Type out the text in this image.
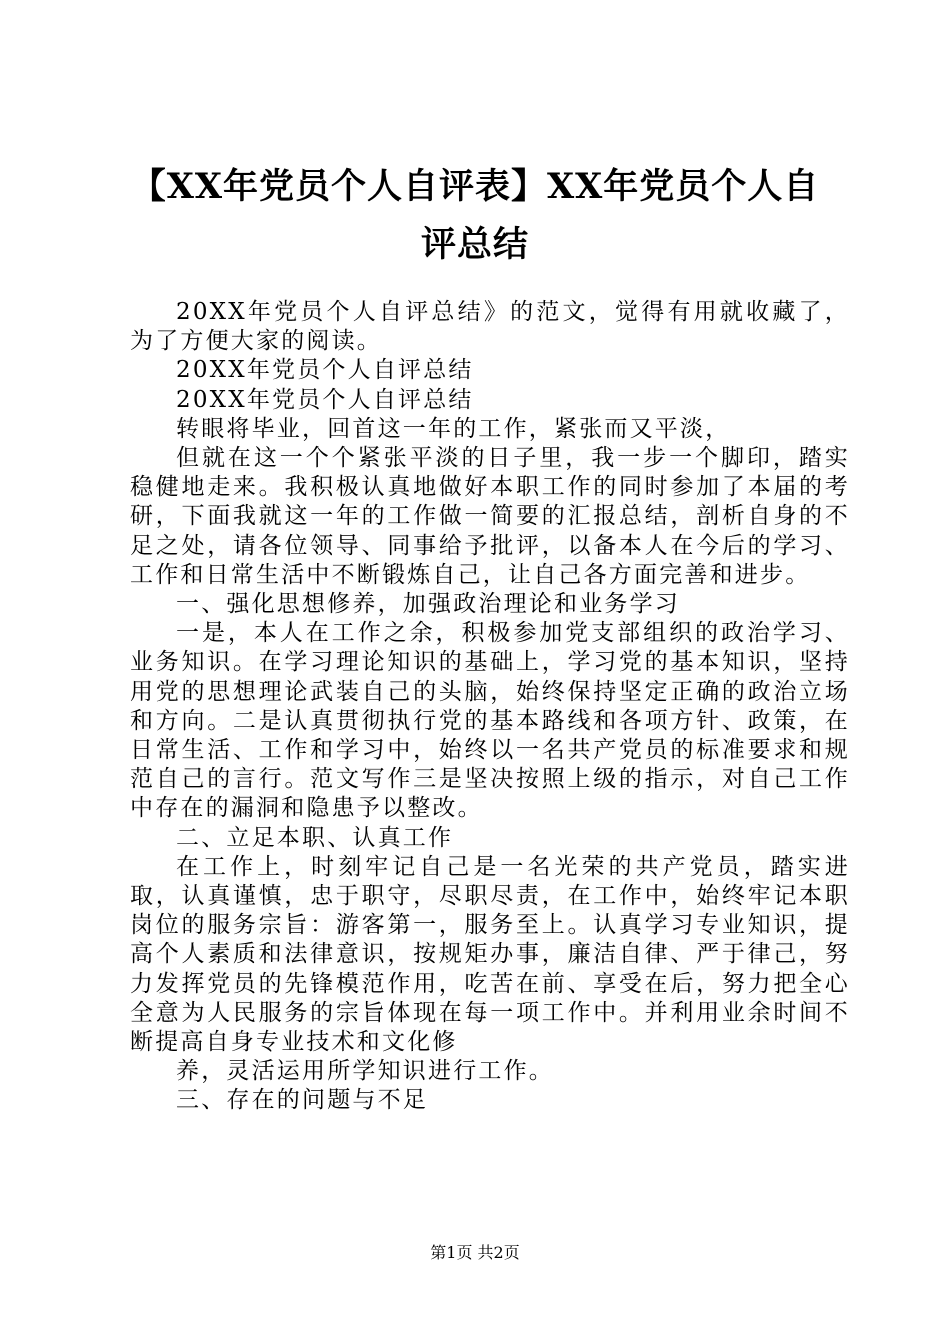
【XX年党员个人自评表】XX年党员个人自评总结

20XX年党员个人自评总结》的范文，觉得有用就收藏了，为了方便大家的阅读。

20XX年党员个人自评总结

20XX年党员个人自评总结

转眼将毕业，回首这一年的工作，紧张而又平淡，

但就在这一个个紧张平淡的日子里，我一步一个脚印，踏实稳健地走来。我积极认真地做好本职工作的同时参加了本届的考研，下面我就这一年的工作做一简要的汇报总结，剖析自身的不足之处，请各位领导、同事给予批评，以备本人在今后的学习、工作和日常生活中不断锻炼自己，让自己各方面完善和进步。

一、强化思想修养，加强政治理论和业务学习

一是，本人在工作之余，积极参加党支部组织的政治学习、业务知识。在学习理论知识的基础上，学习党的基本知识，坚持用党的思想理论武装自己的头脑，始终保持坚定正确的政治立场和方向。二是认真贯彻执行党的基本路线和各项方针、政策，在日常生活、工作和学习中，始终以一名共产党员的标准要求和规范自己的言行。范文写作三是坚决按照上级的指示，对自己工作中存在的漏洞和隐患予以整改。

二、立足本职、认真工作

在工作上，时刻牢记自己是一名光荣的共产党员，踏实进取，认真谨慎，忠于职守，尽职尽责，在工作中，始终牢记本职岗位的服务宗旨：游客第一，服务至上。认真学习专业知识，提高个人素质和法律意识，按规矩办事，廉洁自律、严于律己，努力发挥党员的先锋模范作用，吃苦在前、享受在后，努力把全心全意为人民服务的宗旨体现在每一项工作中。并利用业余时间不断提高自身专业技术和文化修

养，灵活运用所学知识进行工作。

三、存在的问题与不足

第1页 共2页
